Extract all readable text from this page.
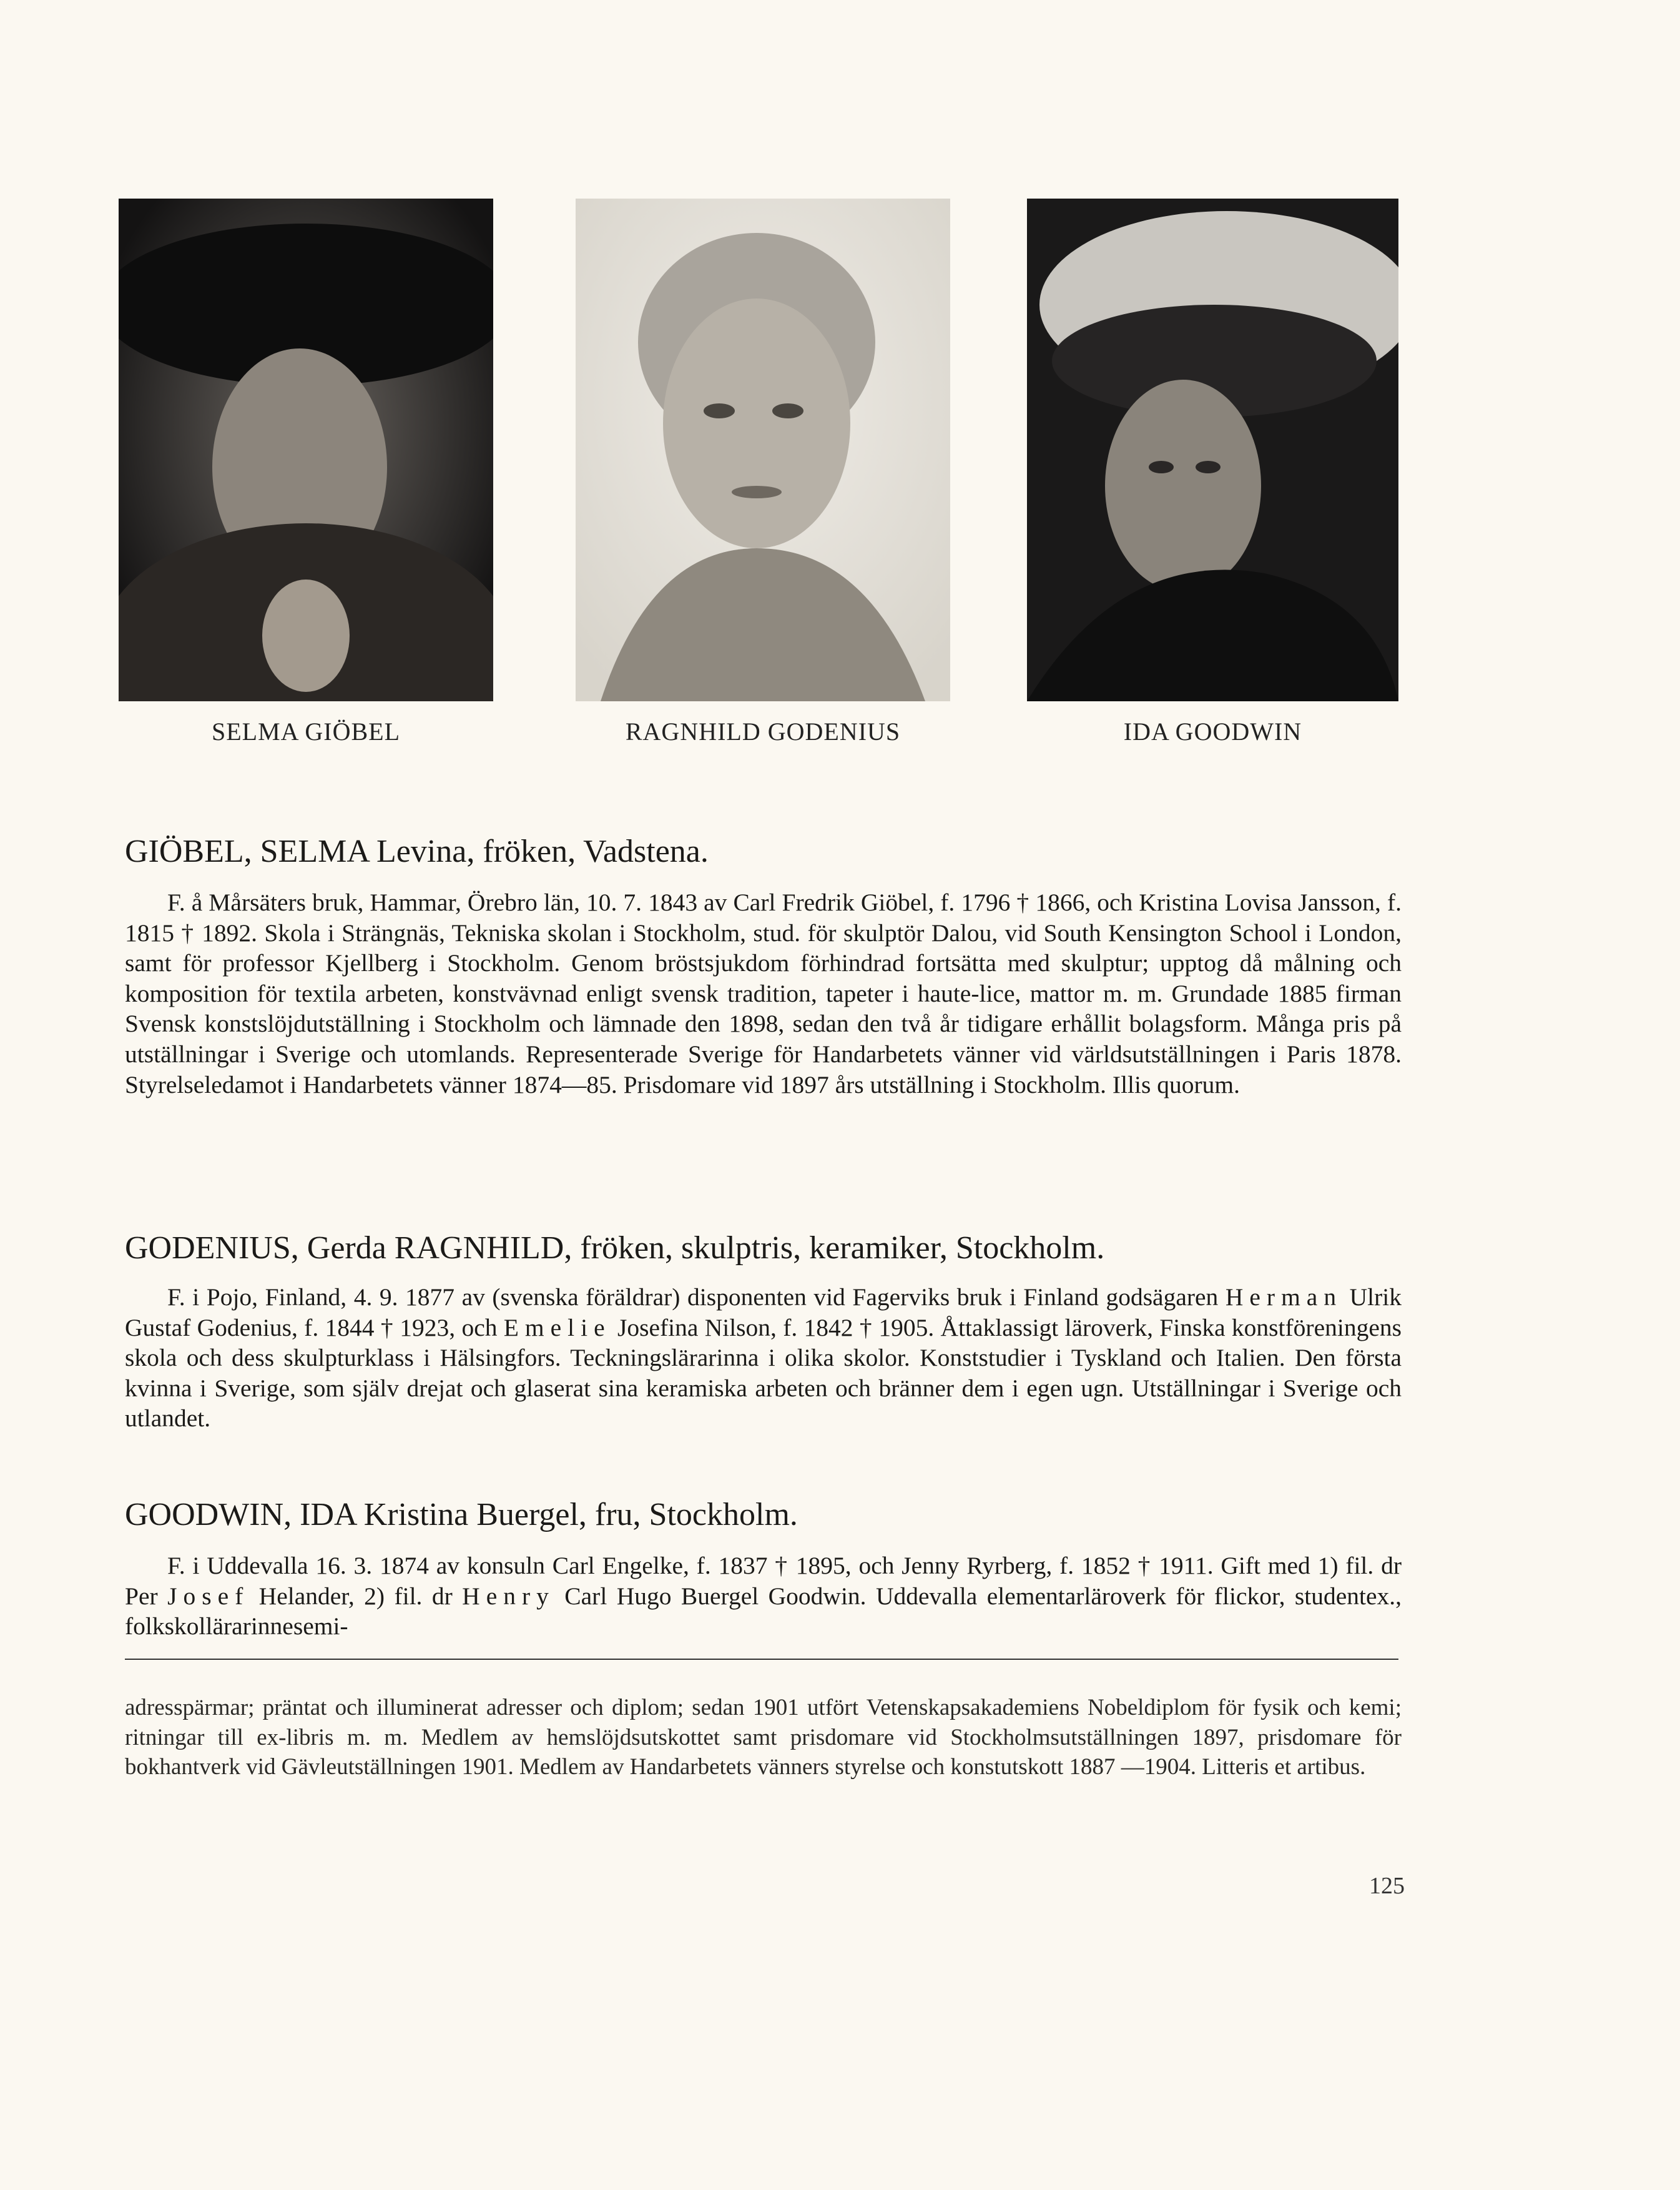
SELMA GIÖBEL	RAGNHILD GODENIUS	IDA GOODWIN
GIÖBEL, SELMA Levina, fröken, Vadstena.

F. å Mårsäters bruk, Hammar, Örebro län, 10. 7. 1843 av Carl Fredrik Giöbel, f. 1796 † 1866, och Kristina Lovisa Jansson, f. 1815 † 1892. Skola i Strängnäs, Tekniska skolan i Stockholm, stud. för skulptör Dalou, vid South Kensington School i London, samt för professor Kjellberg i Stockholm. Genom bröstsjukdom förhindrad fortsätta med skulptur; upptog då målning och komposition för textila arbeten, konstvävnad enligt svensk tradition, tapeter i haute-lice, mattor m. m. Grundade 1885 firman Svensk konstslöjdutställning i Stockholm och lämnade den 1898, sedan den två år tidigare erhållit bolagsform. Många pris på utställningar i Sverige och utomlands. Representerade Sverige för Handarbetets vänner vid världsutställningen i Paris 1878. Styrelseledamot i Handarbetets vänner 1874—85. Prisdomare vid 1897 års utställning i Stockholm. Illis quorum.

GODENIUS, Gerda RAGNHILD, fröken, skulptris, keramiker, Stockholm.

F. i Pojo, Finland, 4. 9. 1877 av (svenska föräldrar) disponenten vid Fagerviks bruk i Finland godsägaren Herman Ulrik Gustaf Godenius, f. 1844 † 1923, och Emelie Josefina Nilson, f. 1842 † 1905. Åttaklassigt läroverk, Finska konstföreningens skola och dess skulpturklass i Hälsingfors. Teckningslärarinna i olika skolor. Konststudier i Tyskland och Italien. Den första kvinna i Sverige, som själv drejat och glaserat sina keramiska arbeten och bränner dem i egen ugn. Utställningar i Sverige och utlandet.

GOODWIN, IDA Kristina Buergel, fru, Stockholm.

F. i Uddevalla 16. 3. 1874 av konsuln Carl Engelke, f. 1837 † 1895, och Jenny Ryrberg, f. 1852 † 1911. Gift med 1) fil. dr Per Josef Helander, 2) fil. dr Henry Carl Hugo Buergel Goodwin. Uddevalla elementarläroverk för flickor, studentex., folkskollärarinnesemi-

adresspärmar; präntat och illuminerat adresser och diplom; sedan 1901 utfört Vetenskapsakademiens Nobeldiplom för fysik och kemi; ritningar till ex-libris m. m. Medlem av hemslöjdsutskottet samt prisdomare vid Stockholmsutställningen 1897, prisdomare för bokhantverk vid Gävleutställningen 1901. Medlem av Handarbetets vänners styrelse och konstutskott 1887 —1904. Litteris et artibus.

125
